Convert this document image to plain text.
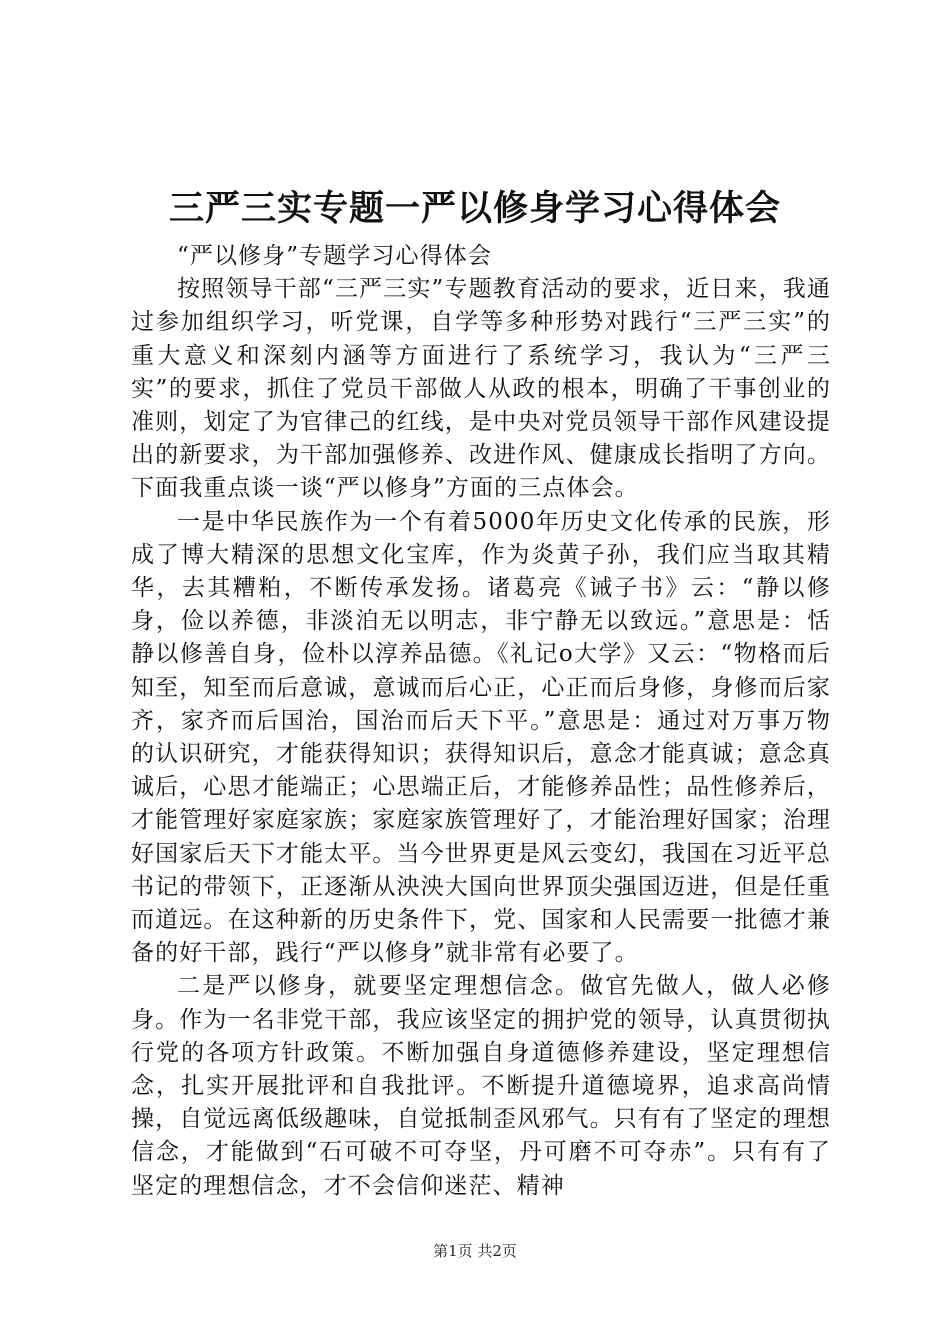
三严三实专题一严以修身学习心得体会

“严以修身”专题学习心得体会

按照领导干部“三严三实”专题教育活动的要求，近日来，我通过参加组织学习，听党课，自学等多种形势对践行“三严三实”的重大意义和深刻内涵等方面进行了系统学习，我认为“三严三实”的要求，抓住了党员干部做人从政的根本，明确了干事创业的准则，划定了为官律己的红线，是中央对党员领导干部作风建设提出的新要求，为干部加强修养、改进作风、健康成长指明了方向。下面我重点谈一谈“严以修身”方面的三点体会。

一是中华民族作为一个有着5000年历史文化传承的民族，形成了博大精深的思想文化宝库，作为炎黄子孙，我们应当取其精华，去其糟粕，不断传承发扬。诸葛亮《诫子书》云：“静以修身，俭以养德，非淡泊无以明志，非宁静无以致远。”意思是：恬静以修善自身，俭朴以淳养品德。《礼记ο大学》又云：“物格而后知至，知至而后意诚，意诚而后心正，心正而后身修，身修而后家齐，家齐而后国治，国治而后天下平。”意思是：通过对万事万物的认识研究，才能获得知识；获得知识后，意念才能真诚；意念真诚后，心思才能端正；心思端正后，才能修养品性；品性修养后，才能管理好家庭家族；家庭家族管理好了，才能治理好国家；治理好国家后天下才能太平。当今世界更是风云变幻，我国在习近平总书记的带领下，正逐渐从泱泱大国向世界顶尖强国迈进，但是任重而道远。在这种新的历史条件下，党、国家和人民需要一批德才兼备的好干部，践行“严以修身”就非常有必要了。

二是严以修身，就要坚定理想信念。做官先做人，做人必修身。作为一名非党干部，我应该坚定的拥护党的领导，认真贯彻执行党的各项方针政策。不断加强自身道德修养建设，坚定理想信念，扎实开展批评和自我批评。不断提升道德境界，追求高尚情操，自觉远离低级趣味，自觉抵制歪风邪气。只有有了坚定的理想信念，才能做到“石可破不可夺坚，丹可磨不可夺赤”。只有有了坚定的理想信念，才不会信仰迷茫、精神

第1页 共2页
